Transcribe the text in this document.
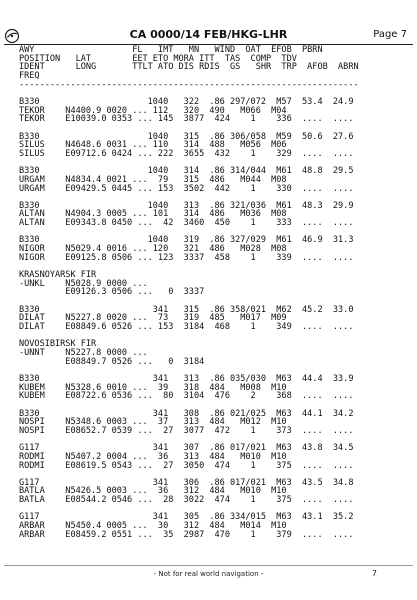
CA 0000/14 FEB/HKG-LHR	Page 7
AWY                   FL   IMT   MN   WIND  OAT  EFOB  PBRN
POSITION   LAT        EET ETO MORA ITT  TAS  COMP  TDV
IDENT      LONG       TTLT ATO DIS RDIS  GS   SHR  TRP  AFOB  ABRN
FREQ
------------------------------------------------------------------

B330                     1040   322  .86 297/072  M57  53.4  24.9
TEKOR    N4400.9 0020 ... 112   320  490   M066  M04
TEKOR    E10039.0 0353 ... 145  3877  424    1    336  ....  ....

B330                     1040   315  .86 306/058  M59  50.6  27.6
SILUS    N4648.6 0031 ... 110   314  488   M056  M06
SILUS    E09712.6 0424 ... 222  3655  432    1    329  ....  ....

B330                     1040   314  .86 314/044  M61  48.8  29.5
URGAM    N4834.4 0021 ...  79   315  486   M044  M08
URGAM    E09429.5 0445 ... 153  3502  442    1    330  ....  ....

B330                     1040   313  .86 321/036  M61  48.3  29.9
ALTAN    N4904.3 0005 ... 101   314  486   M036  M08
ALTAN    E09343.8 0450 ...  42  3460  450    1    333  ....  ....

B330                     1040   319  .86 327/029  M61  46.9  31.3
NIGOR    N5029.4 0016 ... 120   321  486   M028  M08
NIGOR    E09125.8 0506 ... 123  3337  458    1    339  ....  ....

KRASNOYARSK FIR
-UNKL    N5028.9 0000 ...
E09126.3 0506 ...   0  3337

B330                      341   315  .86 358/021  M62  45.2  33.0
DILAT    N5227.8 0020 ...  73   319  485   M017  M09
DILAT    E08849.6 0526 ... 153  3184  468    1    349  ....  ....

NOVOSIBIRSK FIR
-UNNT    N5227.8 0000 ...
E08849.7 0526 ...   0  3184

B330                      341   313  .86 035/030  M63  44.4  33.9
KUBEM    N5328.6 0010 ...  39   318  484   M008  M10
KUBEM    E08722.6 0536 ...  80  3104  476    2    368  ....  ....

B330                      341   308  .86 021/025  M63  44.1  34.2
NOSPI    N5348.6 0003 ...  37   313  484   M012  M10
NOSPI    E08652.7 0539 ...  27  3077  472    1    373  ....  ....

G117                      341   307  .86 017/021  M63  43.8  34.5
RODMI    N5407.2 0004 ...  36   313  484   M010  M10
RODMI    E08619.5 0543 ...  27  3050  474    1    375  ....  ....

G117                      341   306  .86 017/021  M63  43.5  34.8
BATLA    N5426.5 0003 ...  36   312  484   M010  M10
BATLA    E08544.2 0546 ...  28  3022  474    1    375  ....  ....

G117                      341   305  .86 334/015  M63  43.1  35.2
ARBAR    N5450.4 0005 ...  30   312  484   M014  M10
ARBAR    E08459.2 0551 ...  35  2987  470    1    379  ....  ....
- Not for real world navigation -	7
